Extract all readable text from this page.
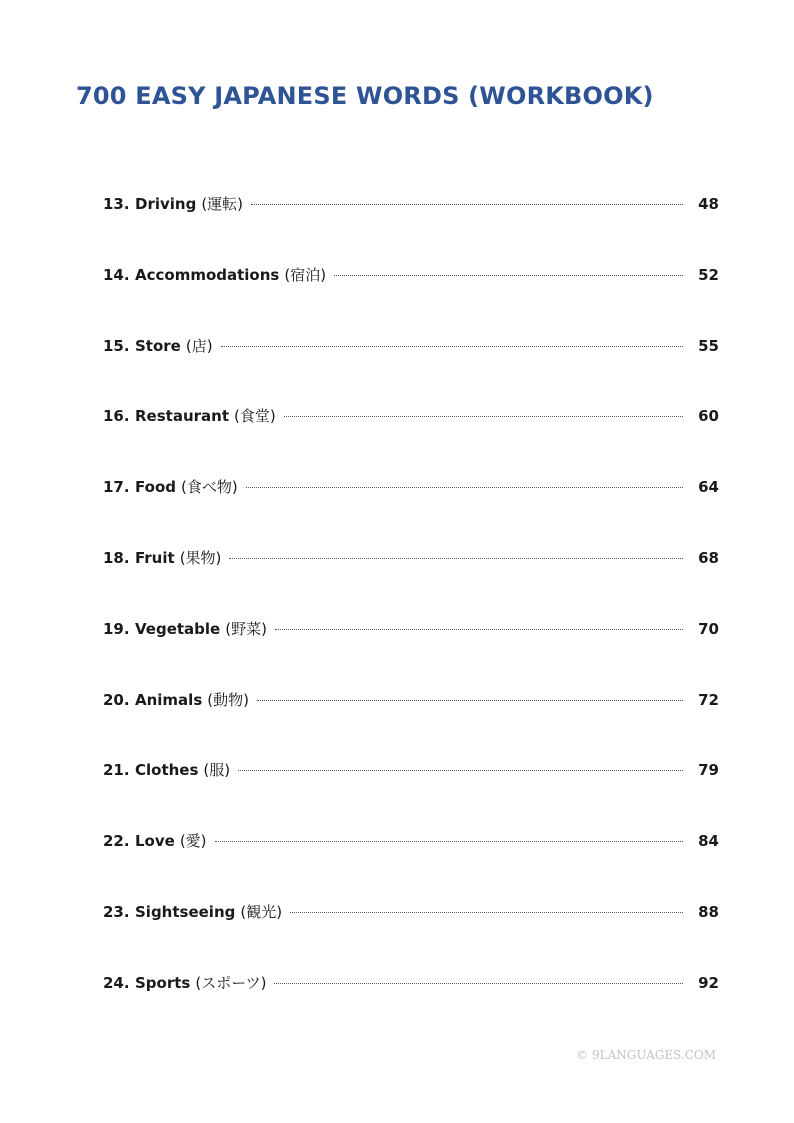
700 EASY JAPANESE WORDS (WORKBOOK)
13. Driving (運転)	48
14. Accommodations (宿泊)	52
15. Store (店)	55
16. Restaurant (食堂)	60
17. Food (食べ物)	64
18. Fruit (果物)	68
19. Vegetable (野菜)	70
20. Animals (動物)	72
21. Clothes (服)	79
22. Love (愛)	84
23. Sightseeing (観光)	88
24. Sports (スポーツ)	92
© 9LANGUAGES.COM
